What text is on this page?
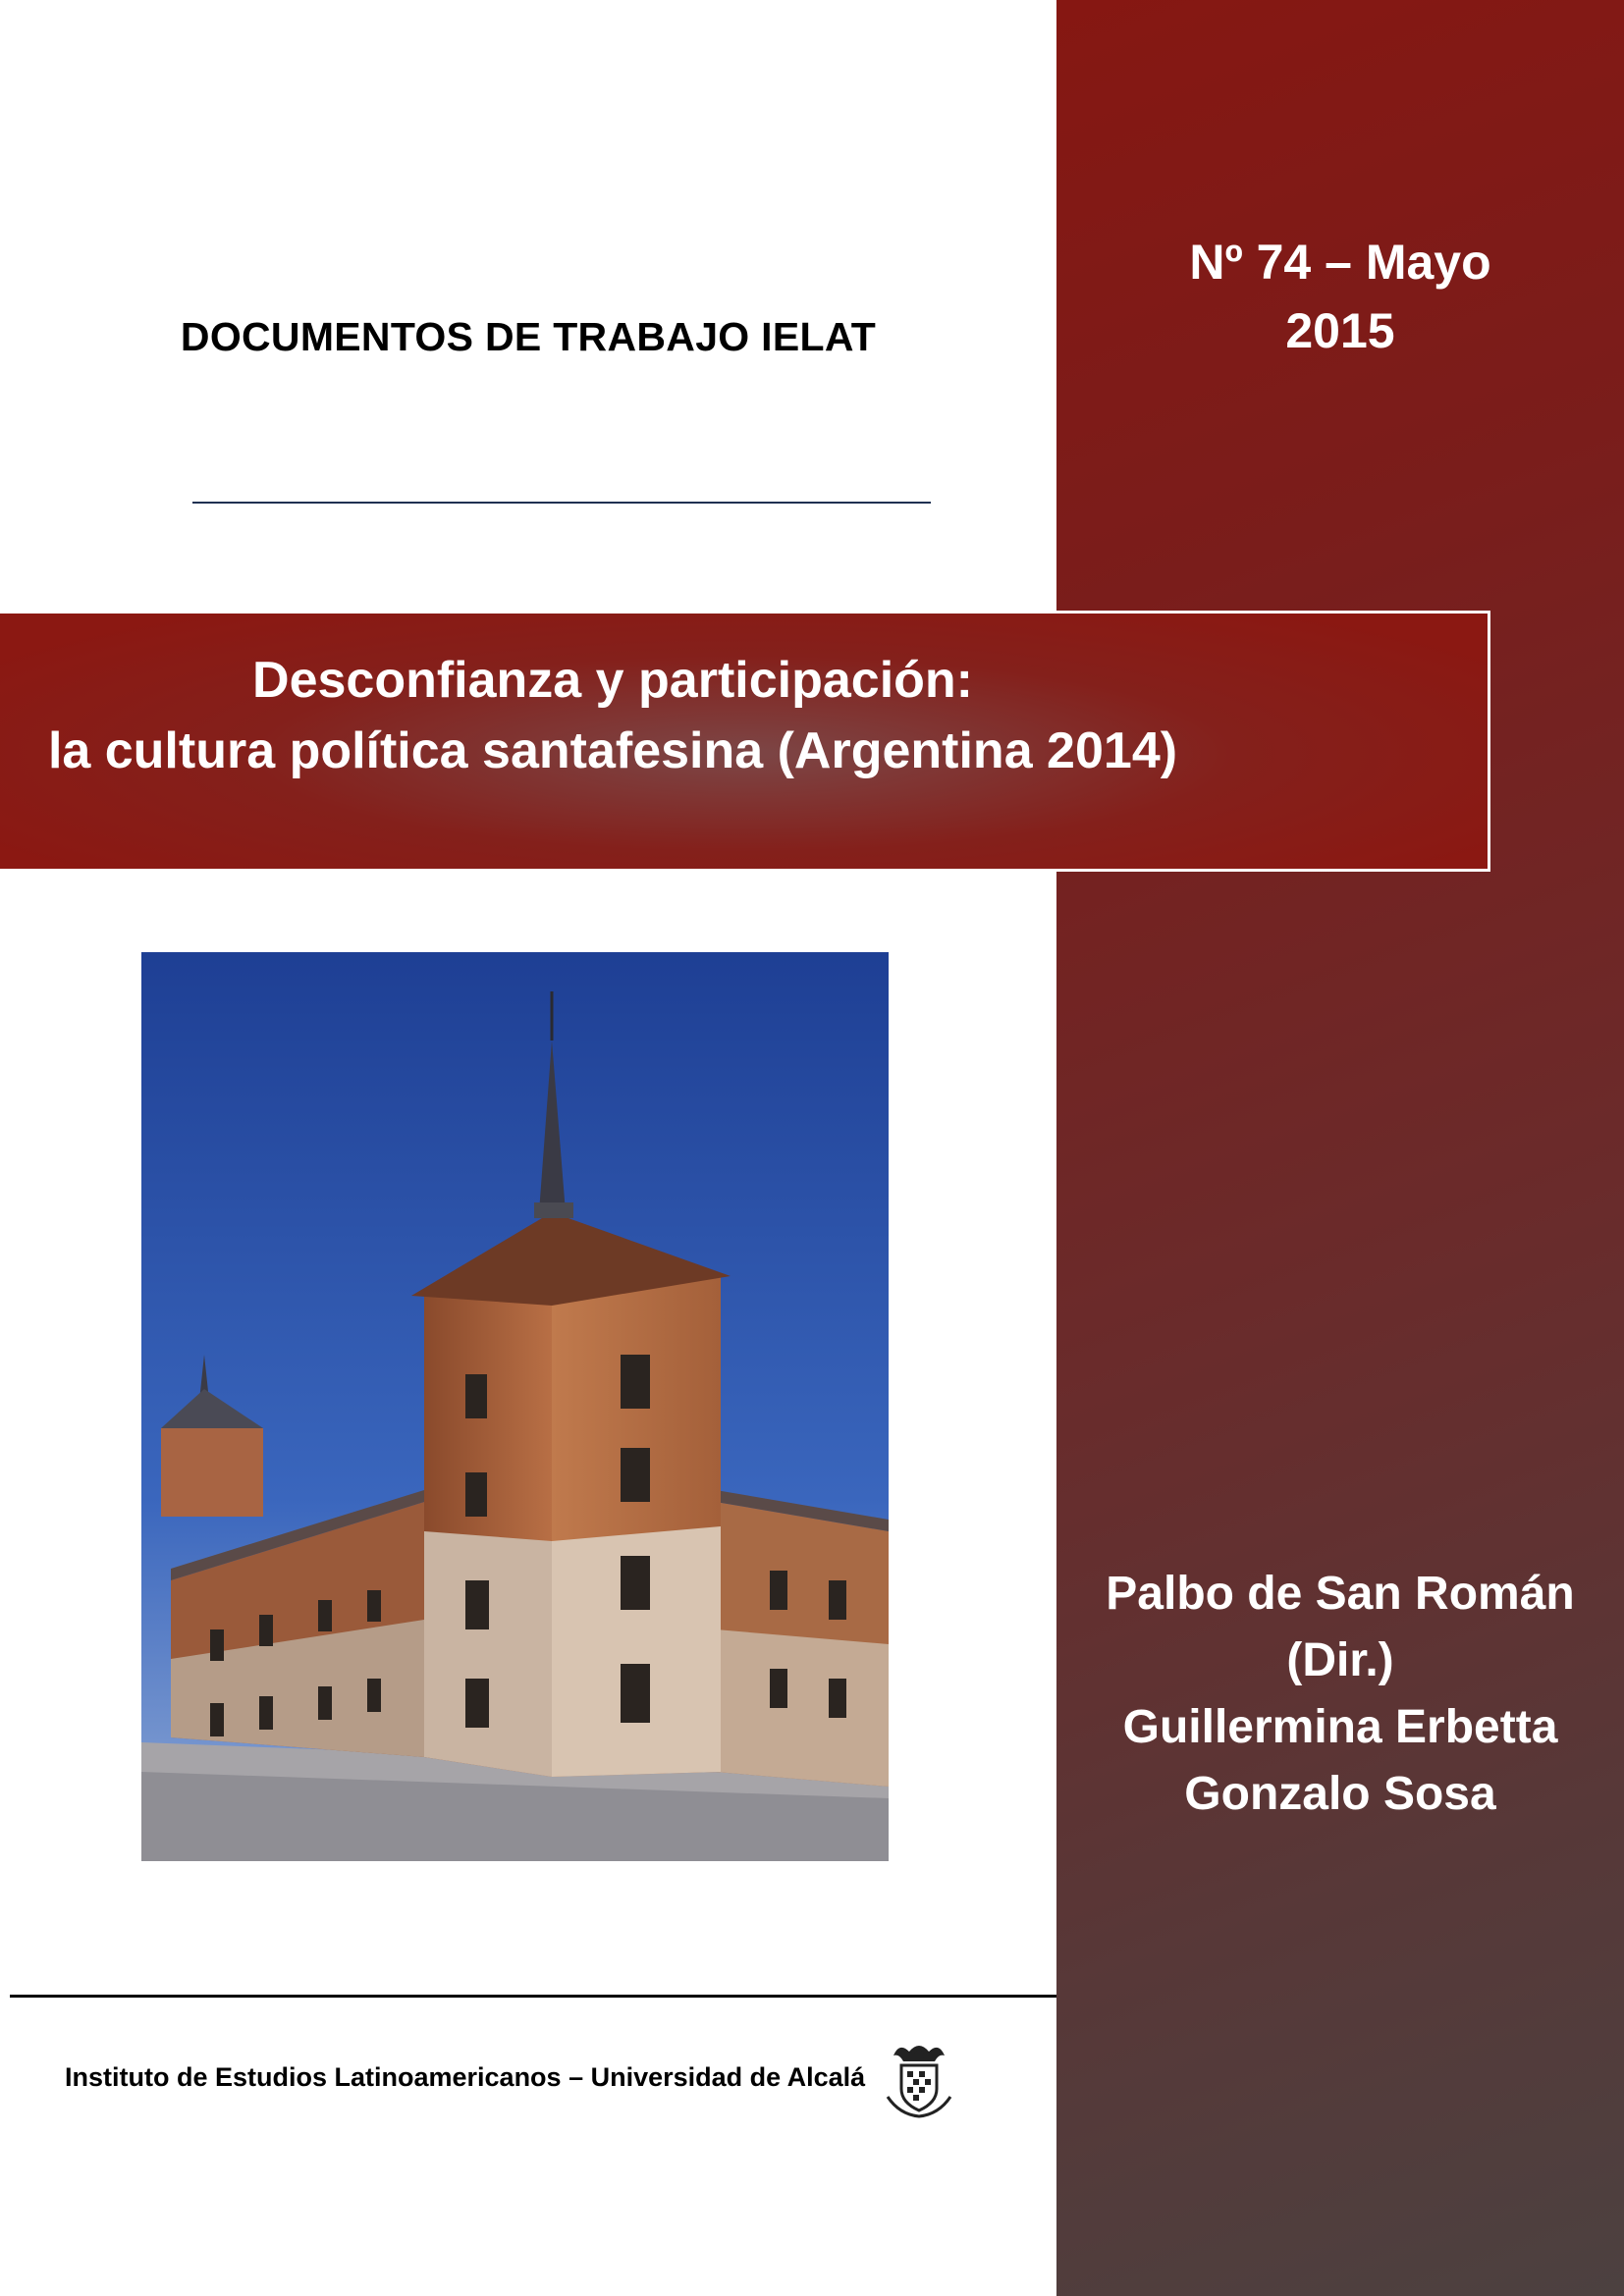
Nº 74 – Mayo
2015
DOCUMENTOS DE TRABAJO IELAT
Desconfianza y participación:
la cultura política santafesina (Argentina 2014)
Palbo de San Román
(Dir.)
Guillermina Erbetta
Gonzalo Sosa
Instituto de Estudios Latinoamericanos – Universidad de Alcalá
